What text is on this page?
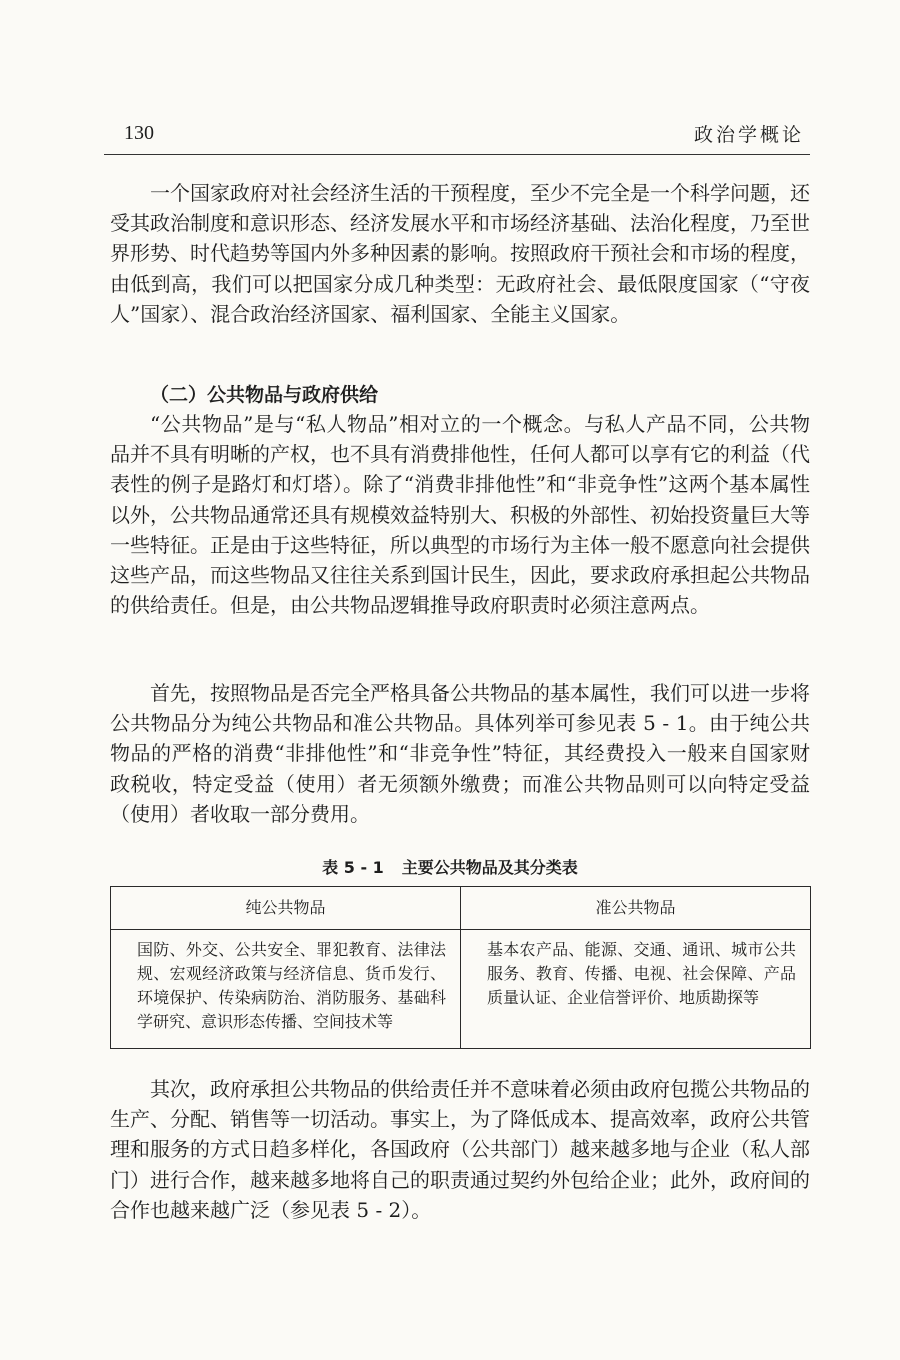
130	政治学概论

一个国家政府对社会经济生活的干预程度，至少不完全是一个科学问题，还受其政治制度和意识形态、经济发展水平和市场经济基础、法治化程度，乃至世界形势、时代趋势等国内外多种因素的影响。按照政府干预社会和市场的程度，由低到高，我们可以把国家分成几种类型：无政府社会、最低限度国家（“守夜人”国家）、混合政治经济国家、福利国家、全能主义国家。

（二）公共物品与政府供给

“公共物品”是与“私人物品”相对立的一个概念。与私人产品不同，公共物品并不具有明晰的产权，也不具有消费排他性，任何人都可以享有它的利益（代表性的例子是路灯和灯塔）。除了“消费非排他性”和“非竞争性”这两个基本属性以外，公共物品通常还具有规模效益特别大、积极的外部性、初始投资量巨大等一些特征。正是由于这些特征，所以典型的市场行为主体一般不愿意向社会提供这些产品，而这些物品又往往关系到国计民生，因此，要求政府承担起公共物品的供给责任。但是，由公共物品逻辑推导政府职责时必须注意两点。

首先，按照物品是否完全严格具备公共物品的基本属性，我们可以进一步将公共物品分为纯公共物品和准公共物品。具体列举可参见表 5 - 1。由于纯公共物品的严格的消费“非排他性”和“非竞争性”特征，其经费投入一般来自国家财政税收，特定受益（使用）者无须额外缴费；而准公共物品则可以向特定受益（使用）者收取一部分费用。

表 5 - 1 主要公共物品及其分类表
纯公共物品	准公共物品
国防、外交、公共安全、罪犯教育、法律法规、宏观经济政策与经济信息、货币发行、环境保护、传染病防治、消防服务、基础科学研究、意识形态传播、空间技术等	基本农产品、能源、交通、通讯、城市公共服务、教育、传播、电视、社会保障、产品质量认证、企业信誉评价、地质勘探等

其次，政府承担公共物品的供给责任并不意味着必须由政府包揽公共物品的生产、分配、销售等一切活动。事实上，为了降低成本、提高效率，政府公共管理和服务的方式日趋多样化，各国政府（公共部门）越来越多地与企业（私人部门）进行合作，越来越多地将自己的职责通过契约外包给企业；此外，政府间的合作也越来越广泛（参见表 5 - 2）。
